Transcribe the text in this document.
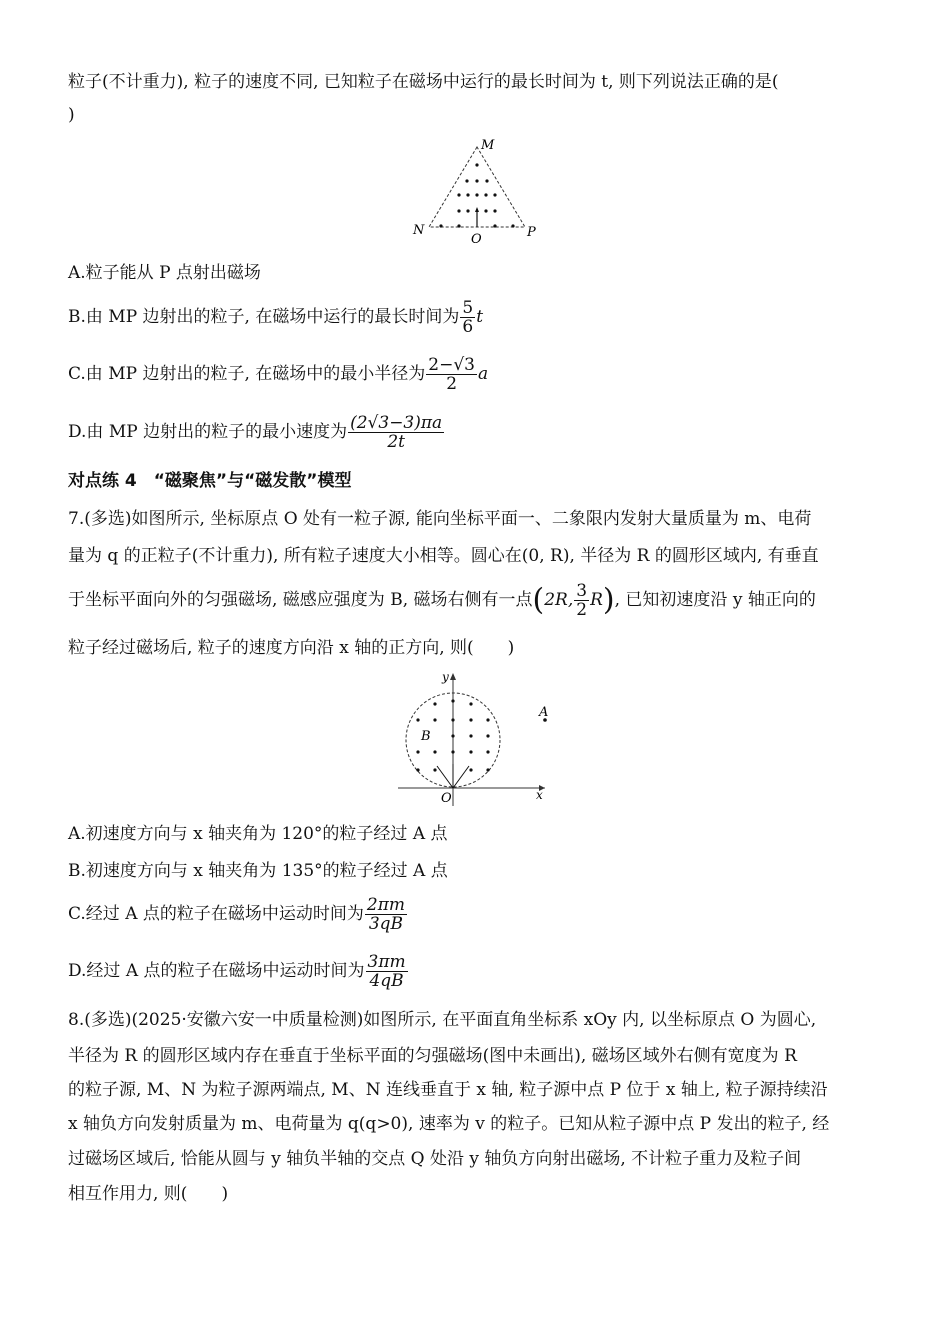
粒子(不计重力), 粒子的速度不同, 已知粒子在磁场中运行的最长时间为 t, 则下列说法正确的是(
)
M
N
O	P
A.粒子能从 P 点射出磁场
B.由 MP 边射出的粒子, 在磁场中运行的最长时间为 $\frac{5}{6}$ t
C.由 MP 边射出的粒子, 在磁场中的最小半径为 $\frac{2-√3}{2}$ a
D.由 MP 边射出的粒子的最小速度为 $\frac{(2√3-3)\pi a}{2t}$
对点练 4　“磁聚焦”与“磁发散”模型
7.(多选)如图所示, 坐标原点 O 处有一粒子源, 能向坐标平面一、二象限内发射大量质量为 m、电荷
量为 q 的正粒子(不计重力), 所有粒子速度大小相等。圆心在(0, R), 半径为 R 的圆形区域内, 有垂直
于坐标平面向外的匀强磁场, 磁感应强度为 B, 磁场右侧有一点(2R, $\frac{3}{2} R$), 已知初速度沿 y 轴正向的
粒子经过磁场后, 粒子的速度方向沿 x 轴的正方向, 则(　　)
y
A
B
O	x
A.初速度方向与 x 轴夹角为 120°的粒子经过 A 点
B.初速度方向与 x 轴夹角为 135°的粒子经过 A 点
C.经过 A 点的粒子在磁场中运动时间为 $\frac{2\pi m}{3qB}$
D.经过 A 点的粒子在磁场中运动时间为 $\frac{3\pi m}{4qB}$
8.(多选)(2025·安徽六安一中质量检测)如图所示, 在平面直角坐标系 xOy 内, 以坐标原点 O 为圆心,
半径为 R 的圆形区域内存在垂直于坐标平面的匀强磁场(图中未画出), 磁场区域外右侧有宽度为 R
的粒子源, M、N 为粒子源两端点, M、N 连线垂直于 x 轴, 粒子源中点 P 位于 x 轴上, 粒子源持续沿
x 轴负方向发射质量为 m、电荷量为 q(q>0), 速率为 v 的粒子。已知从粒子源中点 P 发出的粒子, 经
过磁场区域后, 恰能从圆与 y 轴负半轴的交点 Q 处沿 y 轴负方向射出磁场, 不计粒子重力及粒子间
相互作用力, 则(　　)
